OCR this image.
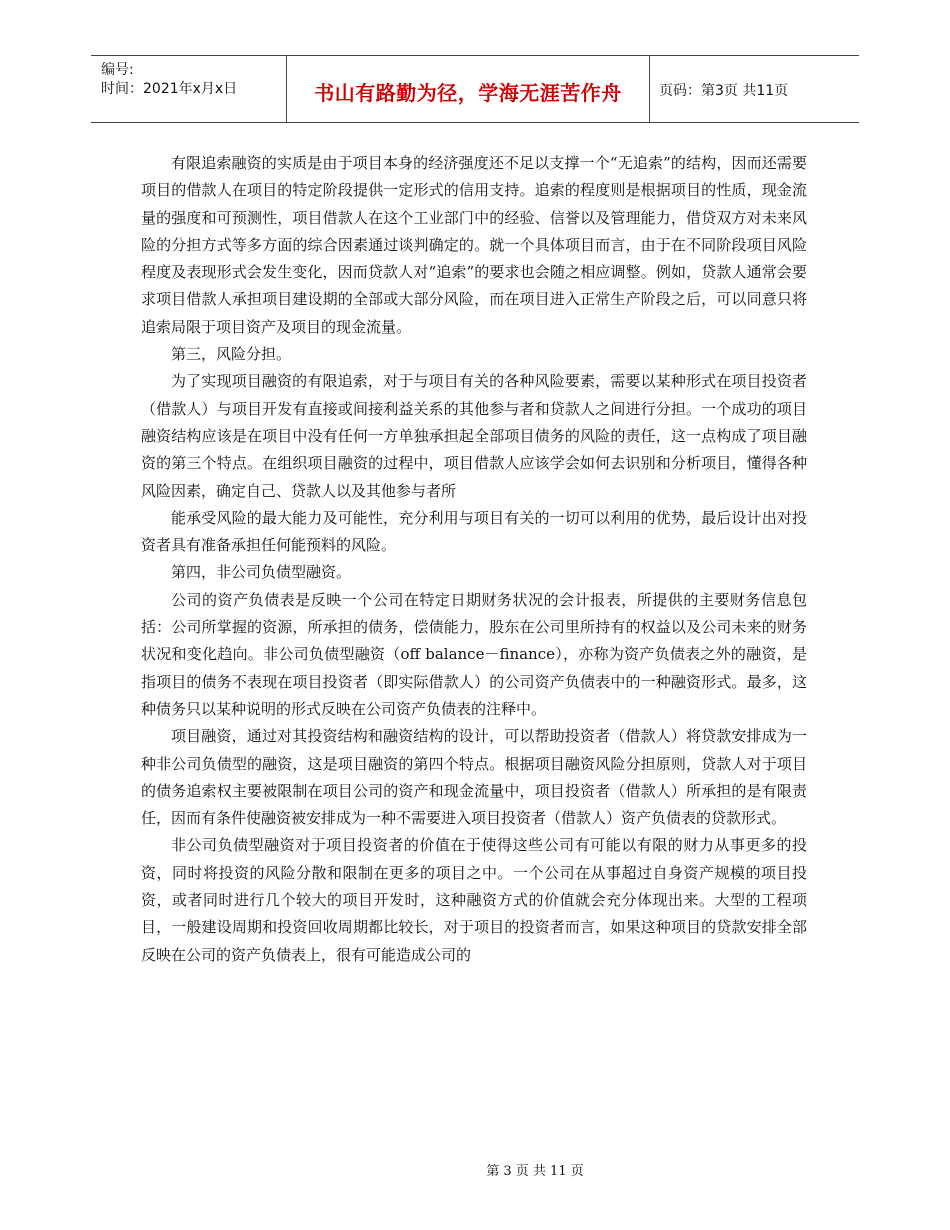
编号:
时间：2021年x月x日	书山有路勤为径，学海无涯苦作舟	页码：第3页 共11页

有限追索融资的实质是由于项目本身的经济强度还不足以支撑一个“无追索”的结构，因而还需要项目的借款人在项目的特定阶段提供一定形式的信用支持。追索的程度则是根据项目的性质，现金流量的强度和可预测性，项目借款人在这个工业部门中的经验、信誉以及管理能力，借贷双方对未来风险的分担方式等多方面的综合因素通过谈判确定的。就一个具体项目而言，由于在不同阶段项目风险程度及表现形式会发生变化，因而贷款人对“追索”的要求也会随之相应调整。例如，贷款人通常会要求项目借款人承担项目建设期的全部或大部分风险，而在项目进入正常生产阶段之后，可以同意只将追索局限于项目资产及项目的现金流量。

第三，风险分担。

为了实现项目融资的有限追索，对于与项目有关的各种风险要素，需要以某种形式在项目投资者（借款人）与项目开发有直接或间接利益关系的其他参与者和贷款人之间进行分担。一个成功的项目融资结构应该是在项目中没有任何一方单独承担起全部项目债务的风险的责任，这一点构成了项目融资的第三个特点。在组织项目融资的过程中，项目借款人应该学会如何去识别和分析项目，懂得各种风险因素，确定自己、贷款人以及其他参与者所

能承受风险的最大能力及可能性，充分利用与项目有关的一切可以利用的优势，最后设计出对投资者具有准备承担任何能预料的风险。

第四，非公司负债型融资。

公司的资产负债表是反映一个公司在特定日期财务状况的会计报表，所提供的主要财务信息包括：公司所掌握的资源，所承担的债务，偿债能力，股东在公司里所持有的权益以及公司未来的财务状况和变化趋向。非公司负债型融资（off balance－finance），亦称为资产负债表之外的融资，是指项目的债务不表现在项目投资者（即实际借款人）的公司资产负债表中的一种融资形式。最多，这种债务只以某种说明的形式反映在公司资产负债表的注释中。

项目融资，通过对其投资结构和融资结构的设计，可以帮助投资者（借款人）将贷款安排成为一种非公司负债型的融资，这是项目融资的第四个特点。根据项目融资风险分担原则，贷款人对于项目的债务追索权主要被限制在项目公司的资产和现金流量中，项目投资者（借款人）所承担的是有限责任，因而有条件使融资被安排成为一种不需要进入项目投资者（借款人）资产负债表的贷款形式。

非公司负债型融资对于项目投资者的价值在于使得这些公司有可能以有限的财力从事更多的投资，同时将投资的风险分散和限制在更多的项目之中。一个公司在从事超过自身资产规模的项目投资，或者同时进行几个较大的项目开发时，这种融资方式的价值就会充分体现出来。大型的工程项目，一般建设周期和投资回收周期都比较长，对于项目的投资者而言，如果这种项目的贷款安排全部反映在公司的资产负债表上，很有可能造成公司的

第 3 页 共 11 页
